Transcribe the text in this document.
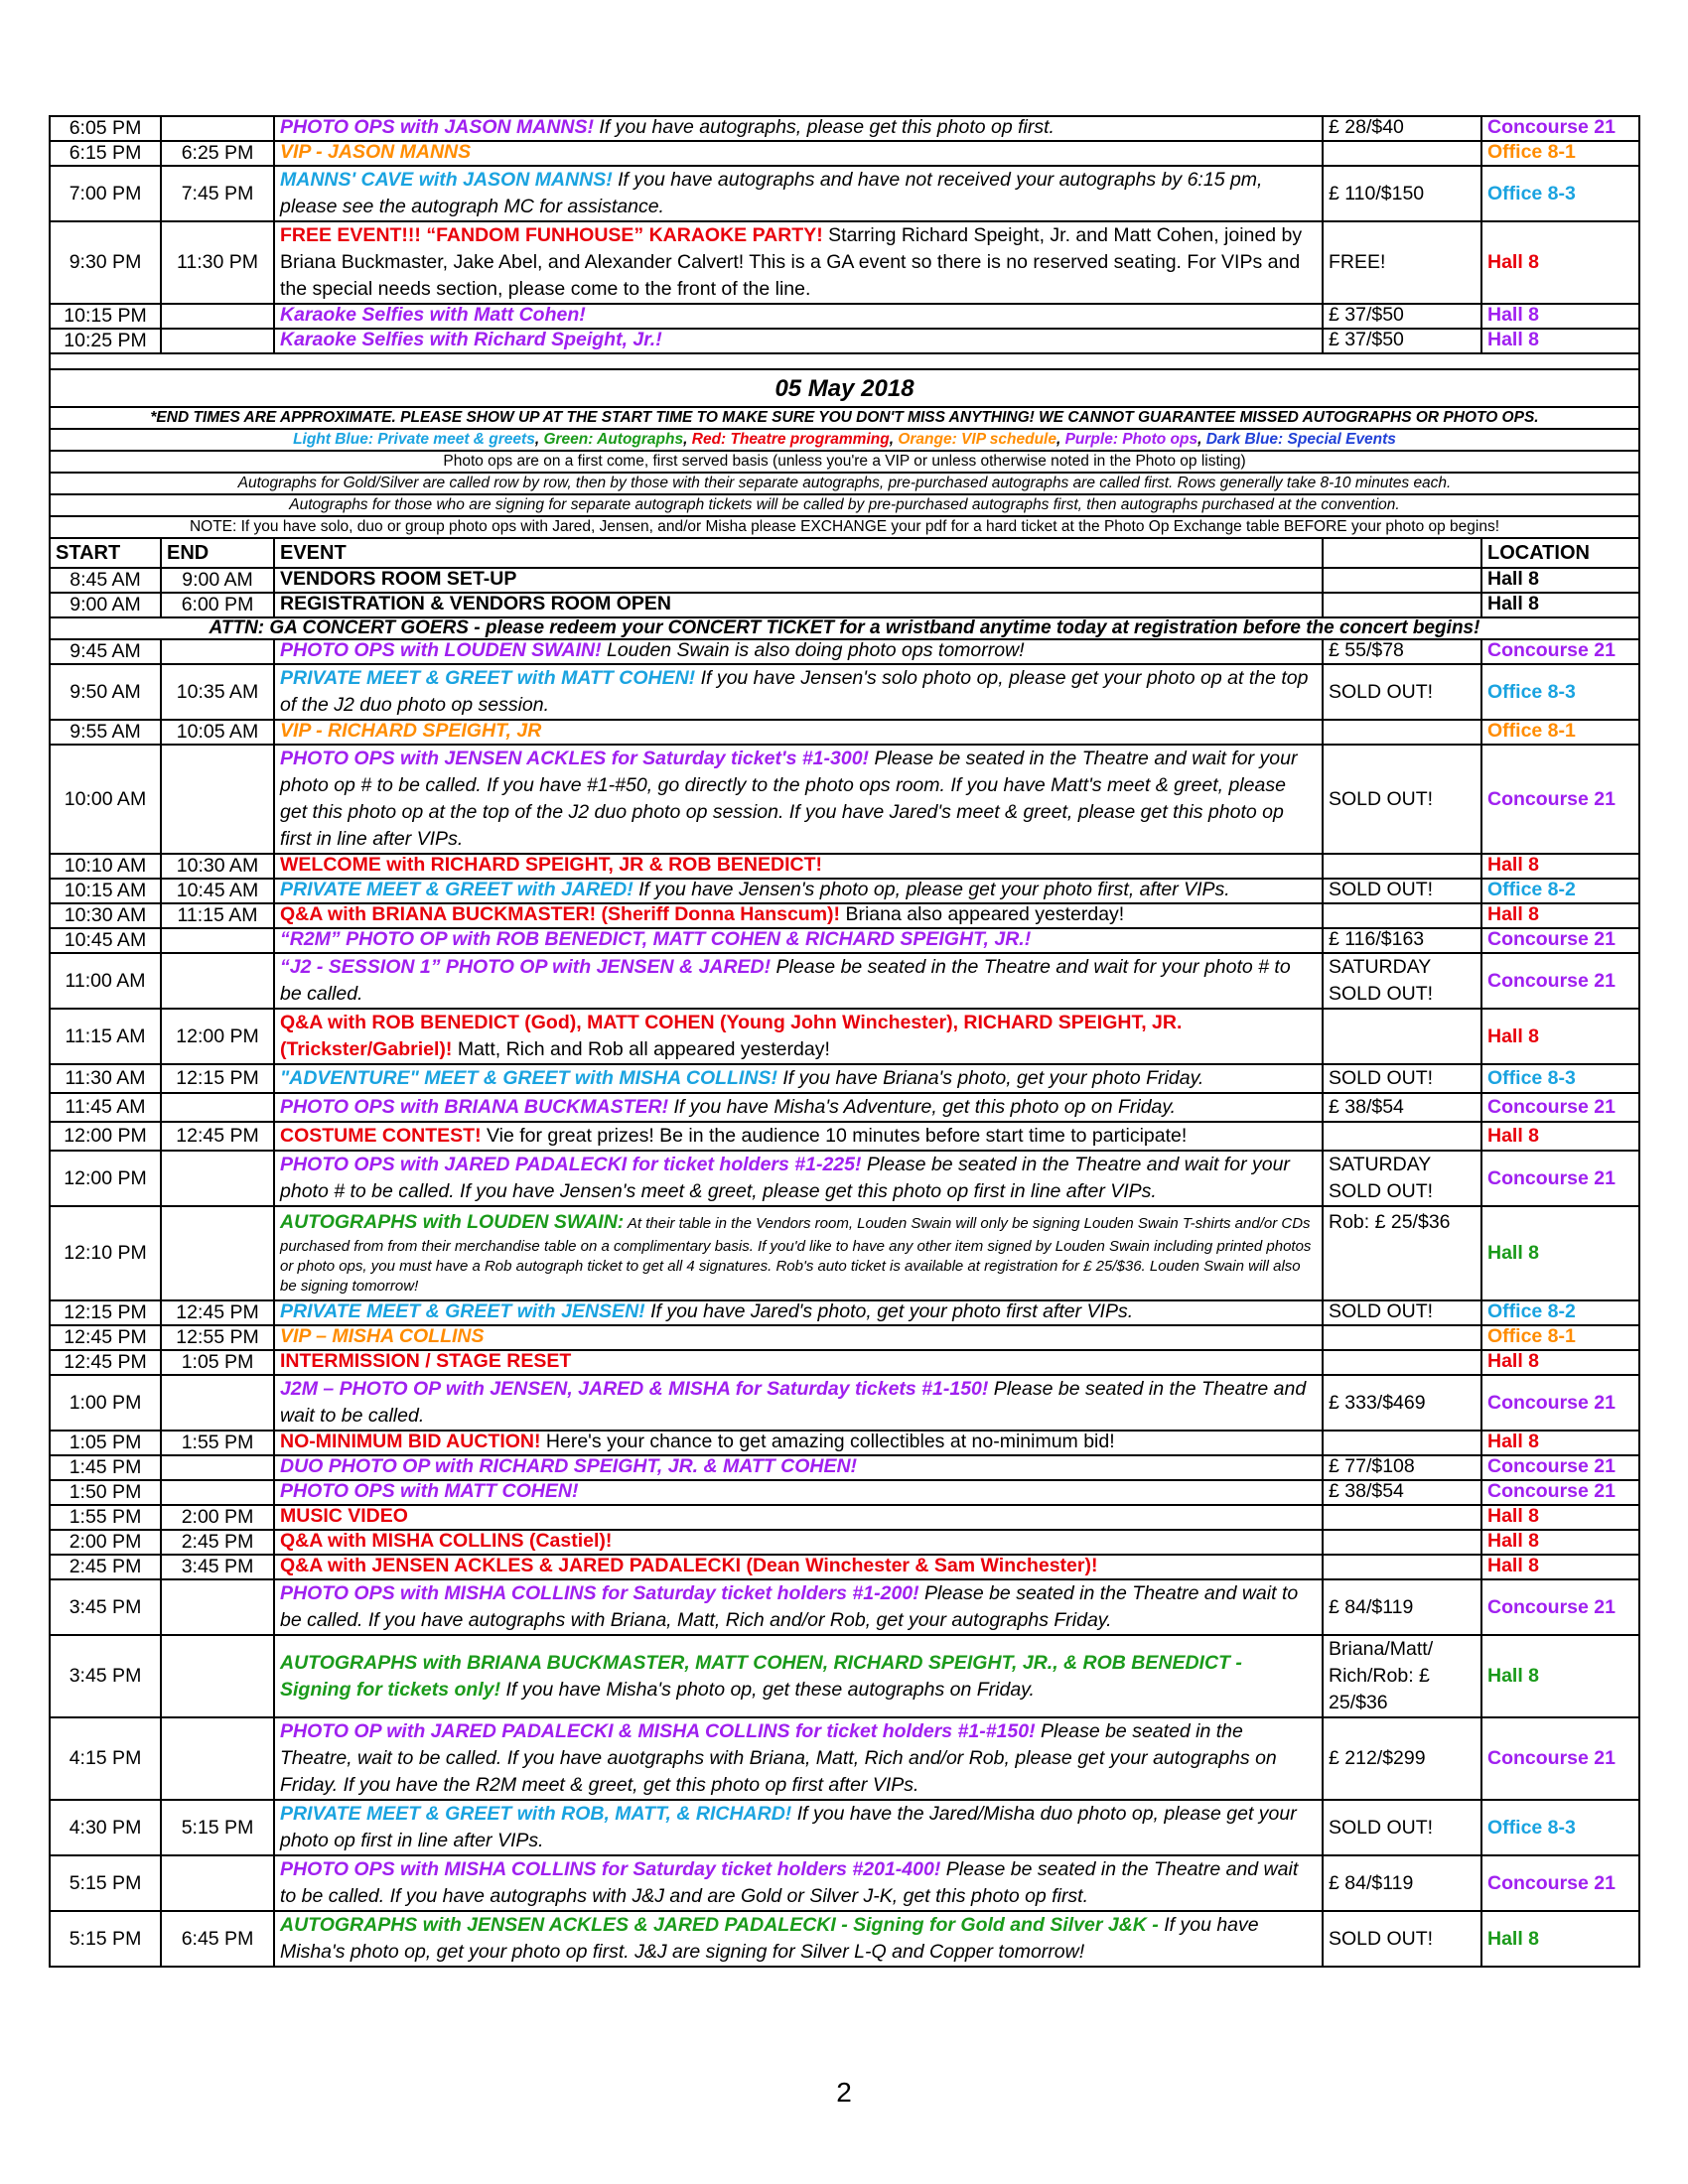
6:05 PM		PHOTO OPS with JASON MANNS! If you have autographs, please get this photo op first.	£ 28/$40	Concourse 21
6:15 PM	6:25 PM	VIP - JASON MANNS		Office 8-1
7:00 PM	7:45 PM	MANNS' CAVE with JASON MANNS! If you have autographs and have not received your autographs by 6:15 pm, please see the autograph MC for assistance.	£ 110/$150	Office 8-3
9:30 PM	11:30 PM	FREE EVENT!!! “FANDOM FUNHOUSE” KARAOKE PARTY! Starring Richard Speight, Jr. and Matt Cohen, joined by Briana Buckmaster, Jake Abel, and Alexander Calvert! This is a GA event so there is no reserved seating. For VIPs and the special needs section, please come to the front of the line.	FREE!	Hall 8
10:15 PM		Karaoke Selfies with Matt Cohen!	£ 37/$50	Hall 8
10:25 PM		Karaoke Selfies with Richard Speight, Jr.!	£ 37/$50	Hall 8

05 May 2018				
*END TIMES ARE APPROXIMATE. PLEASE SHOW UP AT THE START TIME TO MAKE SURE YOU DON'T MISS ANYTHING! WE CANNOT GUARANTEE MISSED AUTOGRAPHS OR PHOTO OPS.				
Light Blue: Private meet & greets, Green: Autographs, Red: Theatre programming, Orange: VIP schedule, Purple: Photo ops, Dark Blue: Special Events				
Photo ops are on a first come, first served basis (unless you're a VIP or unless otherwise noted in the Photo op listing)				
Autographs for Gold/Silver are called row by row, then by those with their separate autographs, pre-purchased autographs are called first. Rows generally take 8-10 minutes each.				
Autographs for those who are signing for separate autograph tickets will be called by pre-purchased autographs first, then autographs purchased at the convention.				
NOTE: If you have solo, duo or group photo ops with Jared, Jensen, and/or Misha please EXCHANGE your pdf for a hard ticket at the Photo Op Exchange table BEFORE your photo op begins!				
START	END	EVENT		LOCATION
8:45 AM	9:00 AM	VENDORS ROOM SET-UP		Hall 8
9:00 AM	6:00 PM	REGISTRATION & VENDORS ROOM OPEN		Hall 8
ATTN: GA CONCERT GOERS - please redeem your CONCERT TICKET for a wristband anytime today at registration before the concert begins!				
9:45 AM		PHOTO OPS with LOUDEN SWAIN! Louden Swain is also doing photo ops tomorrow!	£ 55/$78	Concourse 21
9:50 AM	10:35 AM	PRIVATE MEET & GREET with MATT COHEN! If you have Jensen's solo photo op, please get your photo op at the top of the J2 duo photo op session.	SOLD OUT!	Office 8-3
9:55 AM	10:05 AM	VIP - RICHARD SPEIGHT, JR		Office 8-1
10:00 AM		PHOTO OPS with JENSEN ACKLES for Saturday ticket's #1-300! Please be seated in the Theatre and wait for your photo op # to be called. If you have #1-#50, go directly to the photo ops room. If you have Matt's meet & greet, please get this photo op at the top of the J2 duo photo op session. If you have Jared's meet & greet, please get this photo op first in line after VIPs.	SOLD OUT!	Concourse 21
10:10 AM	10:30 AM	WELCOME with RICHARD SPEIGHT, JR & ROB BENEDICT!		Hall 8
10:15 AM	10:45 AM	PRIVATE MEET & GREET with JARED! If you have Jensen's photo op, please get your photo first, after VIPs.	SOLD OUT!	Office 8-2
10:30 AM	11:15 AM	Q&A with BRIANA BUCKMASTER! (Sheriff Donna Hanscum)! Briana also appeared yesterday!		Hall 8
10:45 AM		“R2M” PHOTO OP with ROB BENEDICT, MATT COHEN & RICHARD SPEIGHT, JR.!	£ 116/$163	Concourse 21
11:00 AM		“J2 - SESSION 1” PHOTO OP with JENSEN & JARED! Please be seated in the Theatre and wait for your photo # to be called.	SATURDAY SOLD OUT!	Concourse 21
11:15 AM	12:00 PM	Q&A with ROB BENEDICT (God), MATT COHEN (Young John Winchester), RICHARD SPEIGHT, JR. (Trickster/Gabriel)! Matt, Rich and Rob all appeared yesterday!		Hall 8
11:30 AM	12:15 PM	"ADVENTURE" MEET & GREET with MISHA COLLINS! If you have Briana's photo, get your photo Friday.	SOLD OUT!	Office 8-3
11:45 AM		PHOTO OPS with BRIANA BUCKMASTER! If you have Misha's Adventure, get this photo op on Friday.	£ 38/$54	Concourse 21
12:00 PM	12:45 PM	COSTUME CONTEST! Vie for great prizes! Be in the audience 10 minutes before start time to participate!		Hall 8
12:00 PM		PHOTO OPS with JARED PADALECKI for ticket holders #1-225! Please be seated in the Theatre and wait for your photo # to be called. If you have Jensen's meet & greet, please get this photo op first in line after VIPs.	SATURDAY SOLD OUT!	Concourse 21
12:10 PM		AUTOGRAPHS with LOUDEN SWAIN: At their table in the Vendors room, Louden Swain will only be signing Louden Swain T-shirts and/or CDs purchased from from their merchandise table on a complimentary basis. If you'd like to have any other item signed by Louden Swain including printed photos or photo ops, you must have a Rob autograph ticket to get all 4 signatures. Rob's auto ticket is available at registration for £ 25/$36. Louden Swain will also be signing tomorrow!	Rob: £ 25/$36	Hall 8
12:15 PM	12:45 PM	PRIVATE MEET & GREET with JENSEN! If you have Jared's photo, get your photo first after VIPs.	SOLD OUT!	Office 8-2
12:45 PM	12:55 PM	VIP – MISHA COLLINS		Office 8-1
12:45 PM	1:05 PM	INTERMISSION / STAGE RESET		Hall 8
1:00 PM		J2M – PHOTO OP with JENSEN, JARED & MISHA for Saturday tickets #1-150! Please be seated in the Theatre and wait to be called.	£ 333/$469	Concourse 21
1:05 PM	1:55 PM	NO-MINIMUM BID AUCTION! Here's your chance to get amazing collectibles at no-minimum bid!		Hall 8
1:45 PM		DUO PHOTO OP with RICHARD SPEIGHT, JR. & MATT COHEN!	£ 77/$108	Concourse 21
1:50 PM		PHOTO OPS with MATT COHEN!	£ 38/$54	Concourse 21
1:55 PM	2:00 PM	MUSIC VIDEO		Hall 8
2:00 PM	2:45 PM	Q&A with MISHA COLLINS (Castiel)!		Hall 8
2:45 PM	3:45 PM	Q&A with JENSEN ACKLES & JARED PADALECKI (Dean Winchester & Sam Winchester)!		Hall 8
3:45 PM		PHOTO OPS with MISHA COLLINS for Saturday ticket holders #1-200! Please be seated in the Theatre and wait to be called. If you have autographs with Briana, Matt, Rich and/or Rob, get your autographs Friday.	£ 84/$119	Concourse 21
3:45 PM		AUTOGRAPHS with BRIANA BUCKMASTER, MATT COHEN, RICHARD SPEIGHT, JR., & ROB BENEDICT - Signing for tickets only! If you have Misha's photo op, get these autographs on Friday.	Briana/Matt/ Rich/Rob: £ 25/$36	Hall 8
4:15 PM		PHOTO OP with JARED PADALECKI & MISHA COLLINS for ticket holders #1-#150! Please be seated in the Theatre, wait to be called. If you have auotgraphs with Briana, Matt, Rich and/or Rob, please get your autographs on Friday. If you have the R2M meet & greet, get this photo op first after VIPs.	£ 212/$299	Concourse 21
4:30 PM	5:15 PM	PRIVATE MEET & GREET with ROB, MATT, & RICHARD! If you have the Jared/Misha duo photo op, please get your photo op first in line after VIPs.	SOLD OUT!	Office 8-3
5:15 PM		PHOTO OPS with MISHA COLLINS for Saturday ticket holders #201-400! Please be seated in the Theatre and wait to be called. If you have autographs with J&J and are Gold or Silver J-K, get this photo op first.	£ 84/$119	Concourse 21
5:15 PM	6:45 PM	AUTOGRAPHS with JENSEN ACKLES & JARED PADALECKI - Signing for Gold and Silver J&K - If you have Misha's photo op, get your photo op first. J&J are signing for Silver L-Q and Copper tomorrow!	SOLD OUT!	Hall 8
2
